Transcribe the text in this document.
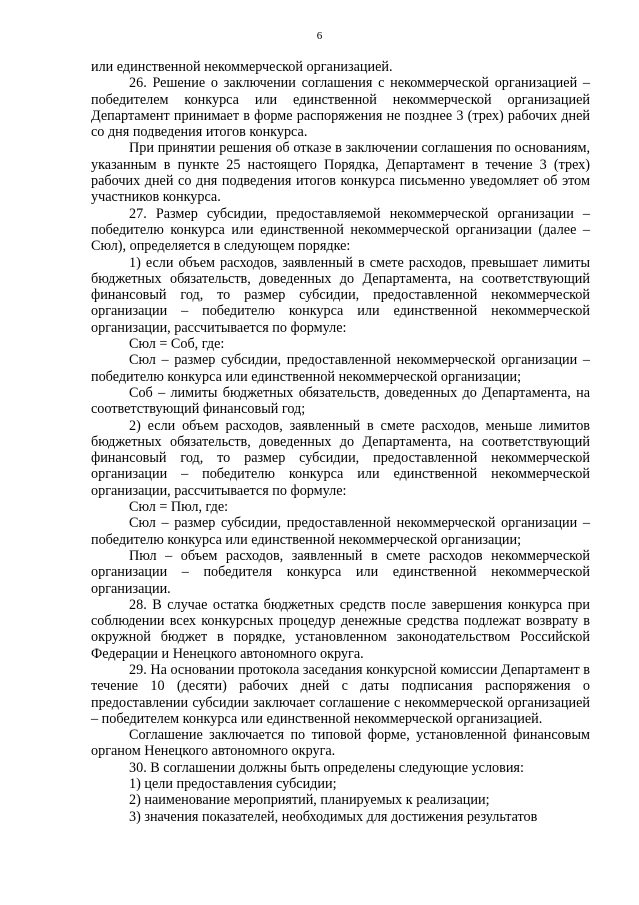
6

или единственной некоммерческой организацией.

26. Решение о заключении соглашения с некоммерческой организацией – победителем конкурса или единственной некоммерческой организацией Департамент принимает в форме распоряжения не позднее 3 (трех) рабочих дней со дня подведения итогов конкурса.

При принятии решения об отказе в заключении соглашения по основаниям, указанным в пункте 25 настоящего Порядка, Департамент в течение 3 (трех) рабочих дней со дня подведения итогов конкурса письменно уведомляет об этом участников конкурса.

27. Размер субсидии, предоставляемой некоммерческой организации – победителю конкурса или единственной некоммерческой организации (далее – Сюл), определяется в следующем порядке:

1) если объем расходов, заявленный в смете расходов, превышает лимиты бюджетных обязательств, доведенных до Департамента, на соответствующий финансовый год, то размер субсидии, предоставленной некоммерческой организации – победителю конкурса или единственной некоммерческой организации, рассчитывается по формуле:

Сюл = Соб, где:

Сюл – размер субсидии, предоставленной некоммерческой организации – победителю конкурса или единственной некоммерческой организации;

Соб – лимиты бюджетных обязательств, доведенных до Департамента, на соответствующий финансовый год;

2) если объем расходов, заявленный в смете расходов, меньше лимитов бюджетных обязательств, доведенных до Департамента, на соответствующий финансовый год, то размер субсидии, предоставленной некоммерческой организации – победителю конкурса или единственной некоммерческой организации, рассчитывается по формуле:

Сюл = Пюл, где:

Сюл – размер субсидии, предоставленной некоммерческой организации – победителю конкурса или единственной некоммерческой организации;

Пюл – объем расходов, заявленный в смете расходов некоммерческой организации – победителя конкурса или единственной некоммерческой организации.

28. В случае остатка бюджетных средств после завершения конкурса при соблюдении всех конкурсных процедур денежные средства подлежат возврату в окружной бюджет в порядке, установленном законодательством Российской Федерации и Ненецкого автономного округа.

29. На основании протокола заседания конкурсной комиссии Департамент в течение 10 (десяти) рабочих дней с даты подписания распоряжения о предоставлении субсидии заключает соглашение с некоммерческой организацией – победителем конкурса или единственной некоммерческой организацией.

Соглашение заключается по типовой форме, установленной финансовым органом Ненецкого автономного округа.

30. В соглашении должны быть определены следующие условия:

1) цели предоставления субсидии;

2) наименование мероприятий, планируемых к реализации;

3) значения показателей, необходимых для достижения результатов
